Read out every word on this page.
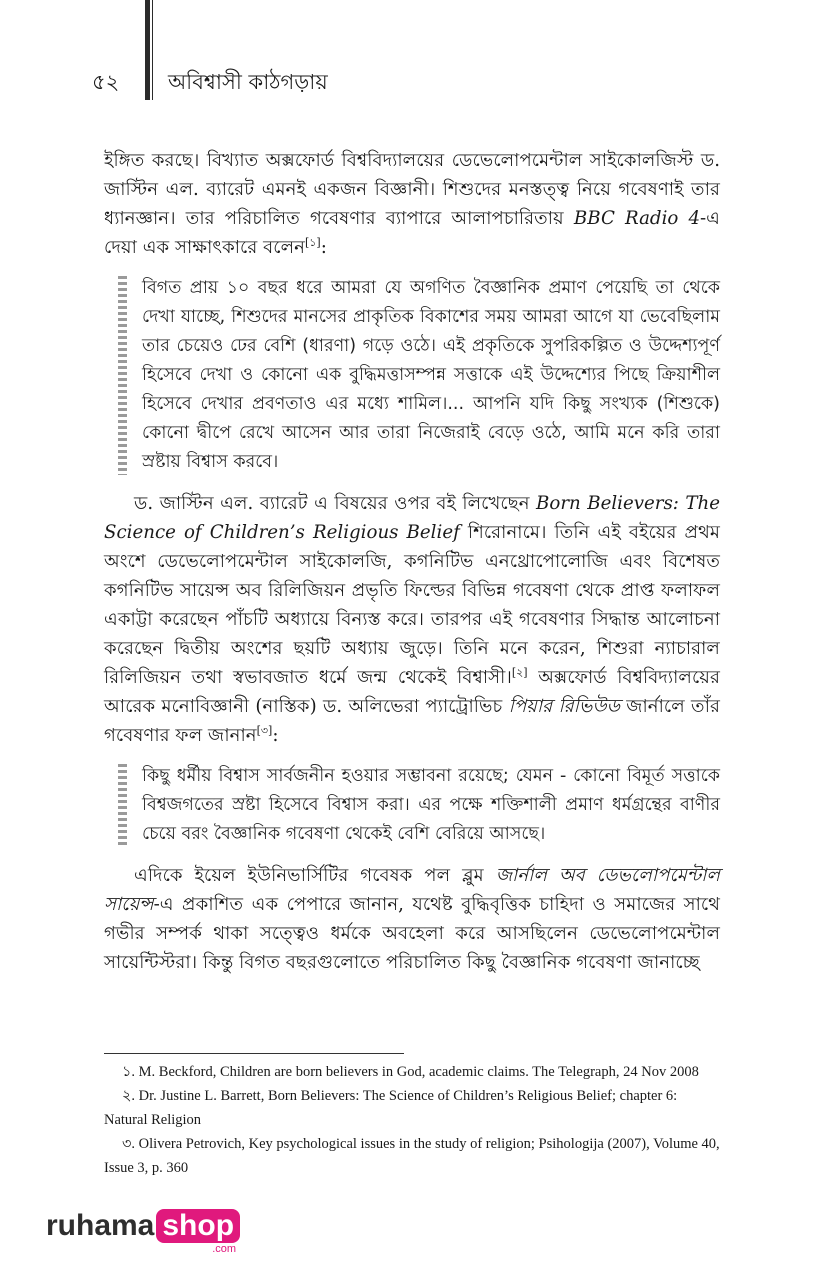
৫২ অবিশ্বাসী কাঠগড়ায়

ইঙ্গিত করছে। বিখ্যাত অক্সফোর্ড বিশ্ববিদ্যালয়ের ডেভেলোপমেন্টাল সাইকোলজিস্ট ড. জাস্টিন এল. ব্যারেট এমনই একজন বিজ্ঞানী। শিশুদের মনস্তত্ত্ব নিয়ে গবেষণাই তার ধ্যানজ্ঞান। তার পরিচালিত গবেষণার ব্যাপারে আলাপচারিতায় BBC Radio 4-এ দেয়া এক সাক্ষাৎকারে বলেন[১]:

বিগত প্রায় ১০ বছর ধরে আমরা যে অগণিত বৈজ্ঞানিক প্রমাণ পেয়েছি তা থেকে দেখা যাচ্ছে, শিশুদের মানসের প্রাকৃতিক বিকাশের সময় আমরা আগে যা ভেবেছিলাম তার চেয়েও ঢের বেশি (ধারণা) গড়ে ওঠে। এই প্রকৃতিকে সুপরিকল্পিত ও উদ্দেশ্যপূর্ণ হিসেবে দেখা ও কোনো এক বুদ্ধিমত্তাসম্পন্ন সত্তাকে এই উদ্দেশ্যের পিছে ক্রিয়াশীল হিসেবে দেখার প্রবণতাও এর মধ্যে শামিল।... আপনি যদি কিছু সংখ্যক (শিশুকে) কোনো দ্বীপে রেখে আসেন আর তারা নিজেরাই বেড়ে ওঠে, আমি মনে করি তারা স্রষ্টায় বিশ্বাস করবে।

ড. জাস্টিন এল. ব্যারেট এ বিষয়ের ওপর বই লিখেছেন Born Believers: The Science of Children’s Religious Belief শিরোনামে। তিনি এই বইয়ের প্রথম অংশে ডেভেলোপমেন্টাল সাইকোলজি, কগনিটিভ এনথ্রোপোলোজি এবং বিশেষত কগনিটিভ সায়েন্স অব রিলিজিয়ন প্রভৃতি ফিল্ডের বিভিন্ন গবেষণা থেকে প্রাপ্ত ফলাফল একাট্টা করেছেন পাঁচটি অধ্যায়ে বিন্যস্ত করে। তারপর এই গবেষণার সিদ্ধান্ত আলোচনা করেছেন দ্বিতীয় অংশের ছয়টি অধ্যায় জুড়ে। তিনি মনে করেন, শিশুরা ন্যাচারাল রিলিজিয়ন তথা স্বভাবজাত ধর্মে জন্ম থেকেই বিশ্বাসী।[২] অক্সফোর্ড বিশ্ববিদ্যালয়ের আরেক মনোবিজ্ঞানী (নাস্তিক) ড. অলিভেরা প্যাট্রোভিচ পিয়ার রিভিউড জার্নালে তাঁর গবেষণার ফল জানান[৩]:

কিছু ধর্মীয় বিশ্বাস সার্বজনীন হওয়ার সম্ভাবনা রয়েছে; যেমন - কোনো বিমূর্ত সত্তাকে বিশ্বজগতের স্রষ্টা হিসেবে বিশ্বাস করা। এর পক্ষে শক্তিশালী প্রমাণ ধর্মগ্রন্থের বাণীর চেয়ে বরং বৈজ্ঞানিক গবেষণা থেকেই বেশি বেরিয়ে আসছে।

এদিকে ইয়েল ইউনিভার্সিটির গবেষক পল ব্লুম জার্নাল অব ডেভলোপমেন্টাল সায়েন্স-এ প্রকাশিত এক পেপারে জানান, যথেষ্ট বুদ্ধিবৃত্তিক চাহিদা ও সমাজের সাথে গভীর সম্পর্ক থাকা সত্ত্বেও ধর্মকে অবহেলা করে আসছিলেন ডেভেলোপমেন্টাল সায়েন্টিস্টরা। কিন্তু বিগত বছরগুলোতে পরিচালিত কিছু বৈজ্ঞানিক গবেষণা জানাচ্ছে

১. M. Beckford, Children are born believers in God, academic claims. The Telegraph, 24 Nov 2008

২. Dr. Justine L. Barrett, Born Believers: The Science of Children’s Religious Belief; chapter 6: Natural Religion

৩. Olivera Petrovich, Key psychological issues in the study of religion; Psihologija (2007), Volume 40, Issue 3, p. 360

ruhama shop
.com
